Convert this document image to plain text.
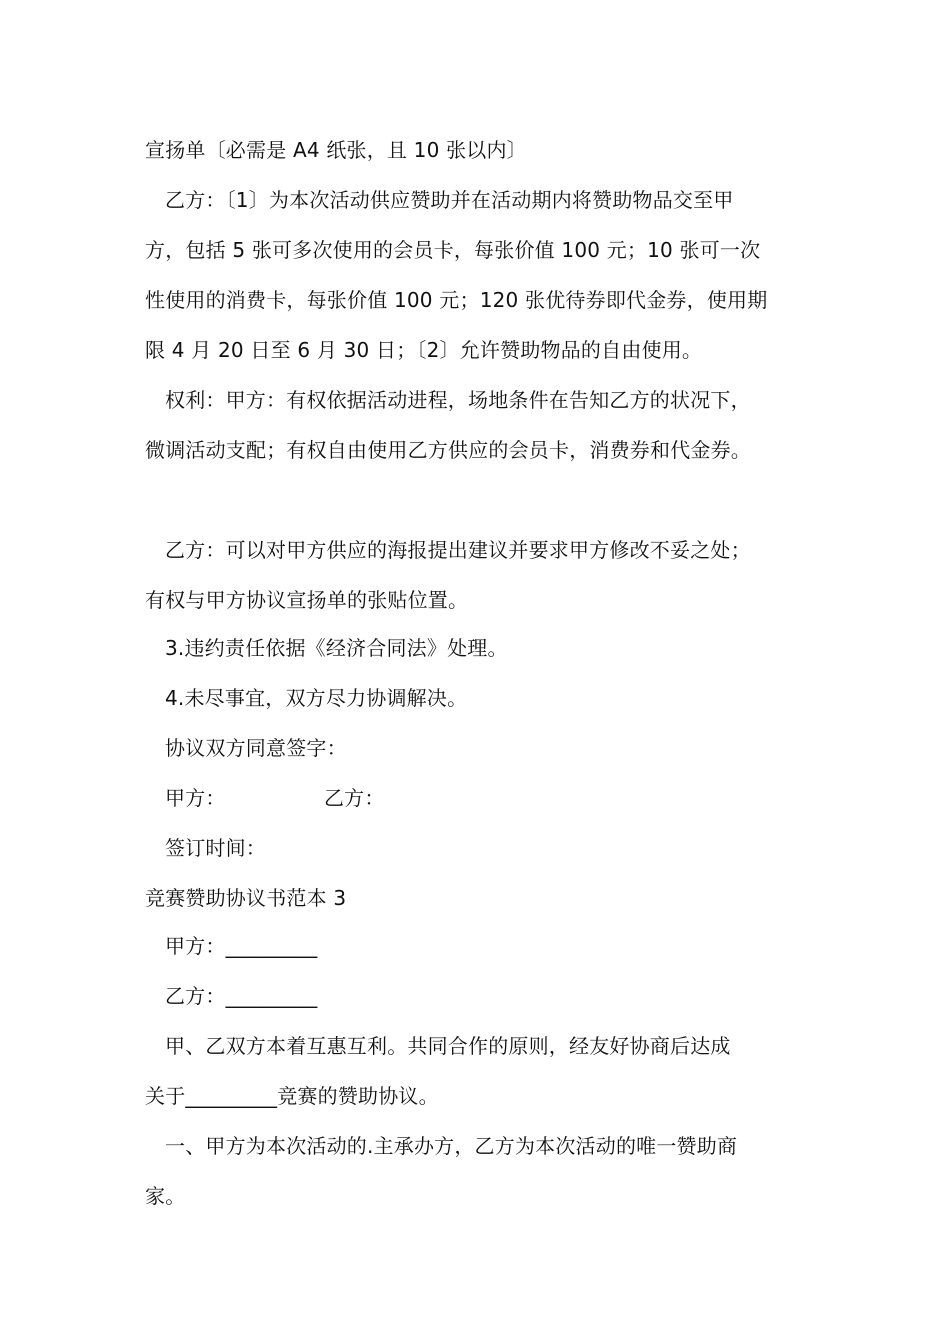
宣扬单〔必需是 A4 纸张，且 10 张以内〕
乙方：〔1〕为本次活动供应赞助并在活动期内将赞助物品交至甲
方，包括 5 张可多次使用的会员卡，每张价值 100 元；10 张可一次
性使用的消费卡，每张价值 100 元；120 张优待券即代金券，使用期
限 4 月 20 日至 6 月 30 日；〔2〕允许赞助物品的自由使用。
权利：甲方：有权依据活动进程，场地条件在告知乙方的状况下，
微调活动支配；有权自由使用乙方供应的会员卡，消费券和代金券。
乙方：可以对甲方供应的海报提出建议并要求甲方修改不妥之处；
有权与甲方协议宣扬单的张贴位置。
3.违约责任依据《经济合同法》处理。
4.未尽事宜，双方尽力协调解决。
协议双方同意签字：
甲方：               乙方：
签订时间：
竞赛赞助协议书范本 3
甲方：_________
乙方：_________
甲、乙双方本着互惠互利。共同合作的原则，经友好协商后达成
关于_________竞赛的赞助协议。
一、甲方为本次活动的.主承办方，乙方为本次活动的唯一赞助商
家。
